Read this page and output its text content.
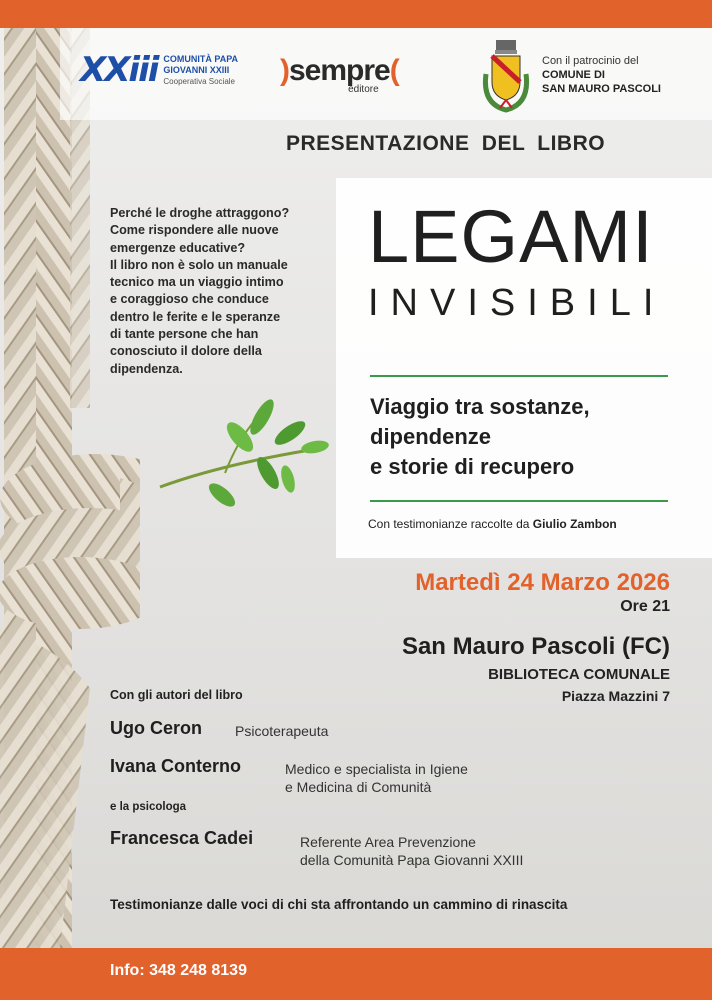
XXiii COMUNITÀ PAPA
GIOVANNI XXIII
Cooperativa Sociale )sempre(
editore
Con il patrocinio del
COMUNE DI
SAN MAURO PASCOLI
PRESENTAZIONE DEL LIBRO
Perché le droghe attraggono?
Come rispondere alle nuove
emergenze educative?
Il libro non è solo un manuale
tecnico ma un viaggio intimo
e coraggioso che conduce
dentro le ferite e le speranze
di tante persone che han
conosciuto il dolore della
dipendenza.
LEGAMI
INVISIBILI
Viaggio tra sostanze,
dipendenze
e storie di recupero
Con testimonianze raccolte da Giulio Zambon
Martedì 24 Marzo 2026
Ore 21
San Mauro Pascoli (FC)
BIBLIOTECA COMUNALE
Piazza Mazzini 7
Con gli autori del libro
Ugo Ceron Psicoterapeuta
Ivana Conterno	Medico e specialista in Igiene
e Medicina di Comunità
e la psicologa
Francesca Cadei	Referente Area Prevenzione
della Comunità Papa Giovanni XXIII
Testimonianze dalle voci di chi sta affrontando un cammino di rinascita
Info: 348 248 8139
